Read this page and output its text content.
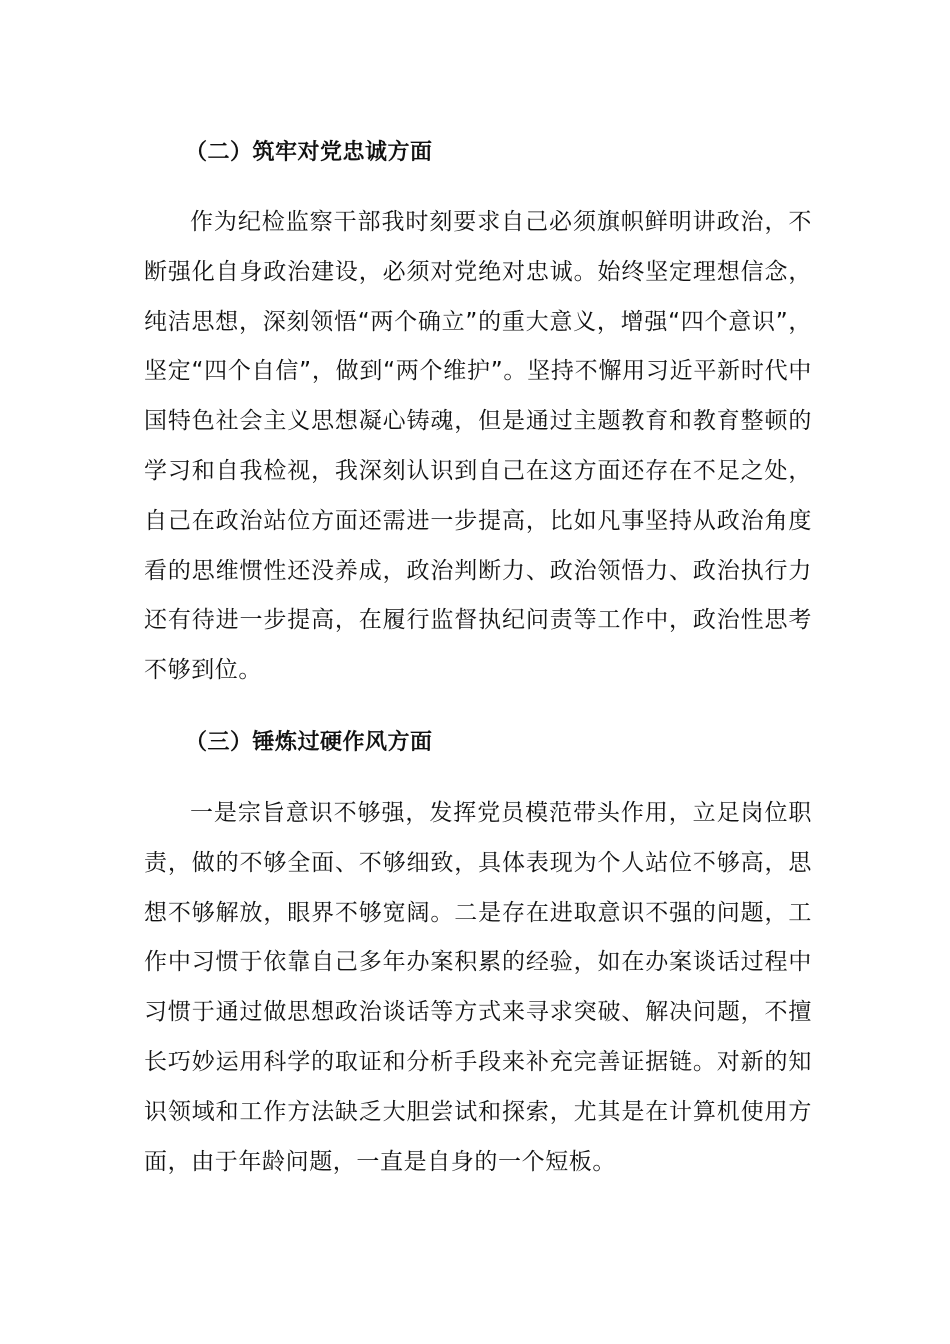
（二）筑牢对党忠诚方面

作为纪检监察干部我时刻要求自己必须旗帜鲜明讲政治，不断强化自身政治建设，必须对党绝对忠诚。始终坚定理想信念，纯洁思想，深刻领悟“两个确立”的重大意义，增强“四个意识”，坚定“四个自信”，做到“两个维护”。坚持不懈用习近平新时代中国特色社会主义思想凝心铸魂，但是通过主题教育和教育整顿的学习和自我检视，我深刻认识到自己在这方面还存在不足之处，自己在政治站位方面还需进一步提高，比如凡事坚持从政治角度看的思维惯性还没养成，政治判断力、政治领悟力、政治执行力还有待进一步提高，在履行监督执纪问责等工作中，政治性思考不够到位。

（三）锤炼过硬作风方面

一是宗旨意识不够强，发挥党员模范带头作用，立足岗位职责，做的不够全面、不够细致，具体表现为个人站位不够高，思想不够解放，眼界不够宽阔。二是存在进取意识不强的问题，工作中习惯于依靠自己多年办案积累的经验，如在办案谈话过程中习惯于通过做思想政治谈话等方式来寻求突破、解决问题，不擅长巧妙运用科学的取证和分析手段来补充完善证据链。对新的知识领域和工作方法缺乏大胆尝试和探索，尤其是在计算机使用方面，由于年龄问题，一直是自身的一个短板。
